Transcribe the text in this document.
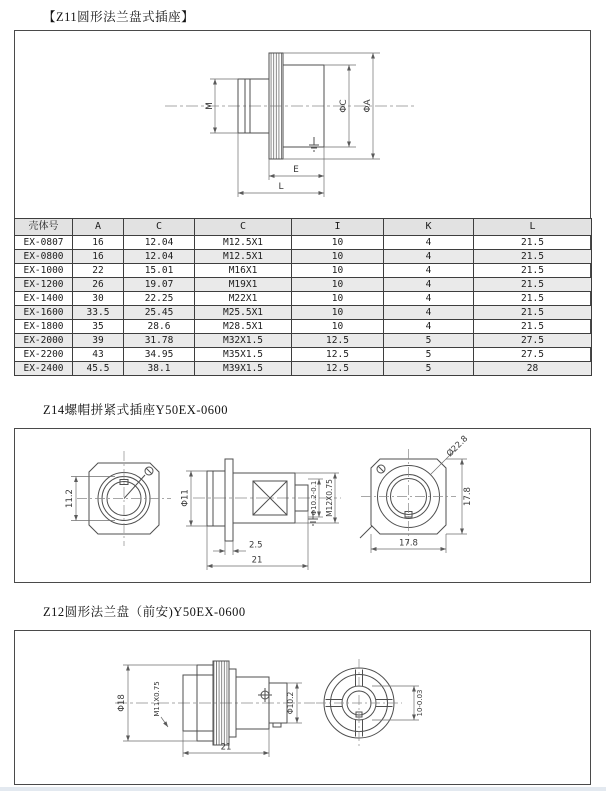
【Z11圆形法兰盘式插座】
M	ΦC ΦA
E
L
壳体号	A	C	C	I	K	L
EX-0807	16	12.04	M12.5X1	10	4	21.5
EX-0800	16	12.04	M12.5X1	10	4	21.5
EX-1000	22	15.01	M16X1	10	4	21.5
EX-1200	26	19.07	M19X1	10	4	21.5
EX-1400	30	22.25	M22X1	10	4	21.5
EX-1600	33.5	25.45	M25.5X1	10	4	21.5
EX-1800	35	28.6	M28.5X1	10	4	21.5
EX-2000	39	31.78	M32X1.5	12.5	5	27.5
EX-2200	43	34.95	M35X1.5	12.5	5	27.5
EX-2400	45.5	38.1	M39X1.5	12.5	5	28
Z14螺帽拼紧式插座Y50EX-0600
11.2	Φ11	Φ10.2-0.1 M12X0.75
2.5
21
Ø22.8
17.8
17.8
Z12圆形法兰盘（前安)Y50EX-0600
Φ18	M11X0.75	Φ10.2
21
10-0.03
